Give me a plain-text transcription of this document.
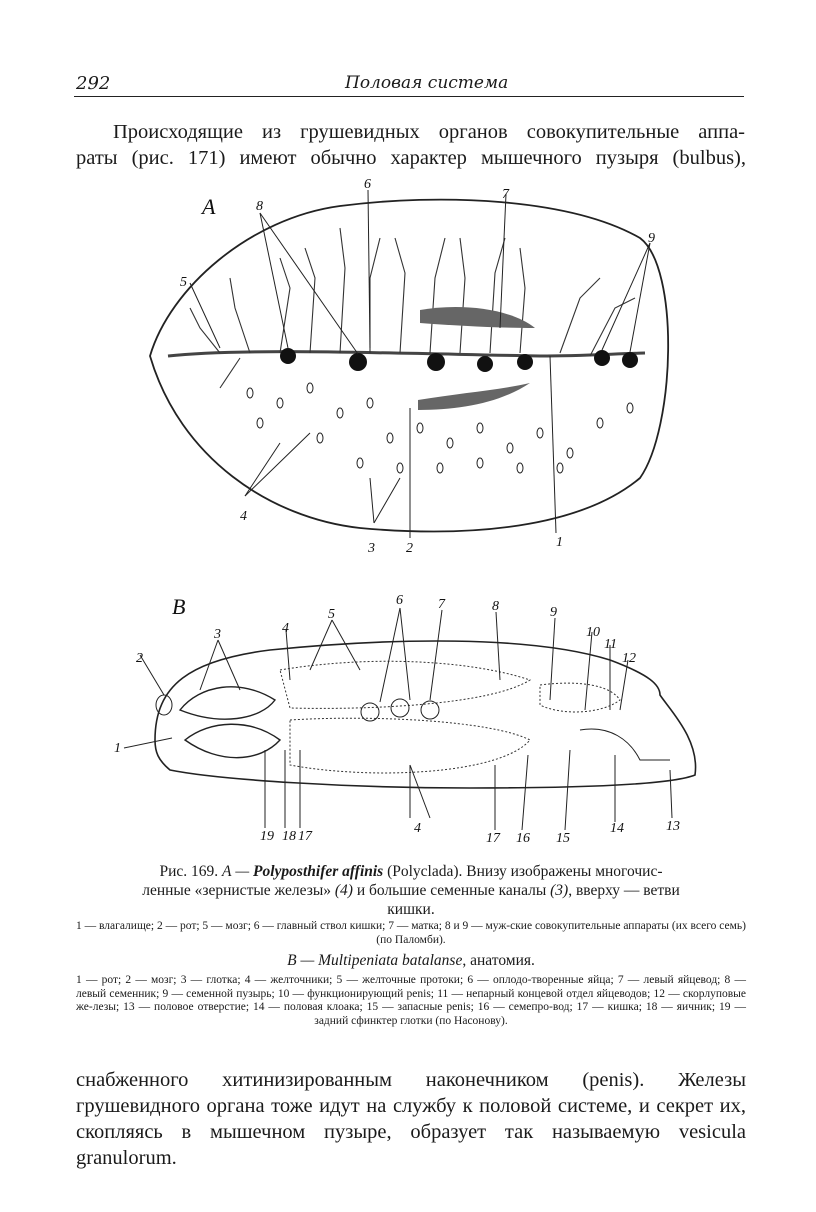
292	Половая система
Происходящие из грушевидных органов совокупительные аппа-
раты (рис. 171) имеют обычно характер мышечного пузыря (bulbus),
А
1
2
3
4
5
6
7
8
9
В
1
2
3	4
5
6	7	8	9
10
11
12
13
14
15
16
17
18
19
4
17
Рис. 169. А — Polyposthifer affinis (Polyclada). Внизу изображены многочис-
ленные «зернистые железы» (4) и большие семенные каналы (3), вверху — ветви
кишки.
1 — влагалище; 2 — рот; 5 — мозг; 6 — главный ствол кишки; 7 — матка; 8 и 9 — муж-ские совокупительные аппараты (их всего семь) (по Паломби).
В — Multipeniata batalanse, анатомия.
1 — рот; 2 — мозг; 3 — глотка; 4 — желточники; 5 — желточные протоки; 6 — оплодо-творенные яйца; 7 — левый яйцевод; 8 — левый семенник; 9 — семенной пузырь; 10 — функционирующий penis; 11 — непарный концевой отдел яйцеводов; 12 — скорлуповые же-лезы; 13 — половое отверстие; 14 — половая клоака; 15 — запасные penis; 16 — семепро-вод; 17 — кишка; 18 — яичник; 19 — задний сфинктер глотки (по Насонову).
снабженного хитинизированным наконечником (penis). Железы грушевидного органа тоже идут на службу к половой системе, и секрет их, скопляясь в мышечном пузыре, образует так называемую vesicula granulorum.
